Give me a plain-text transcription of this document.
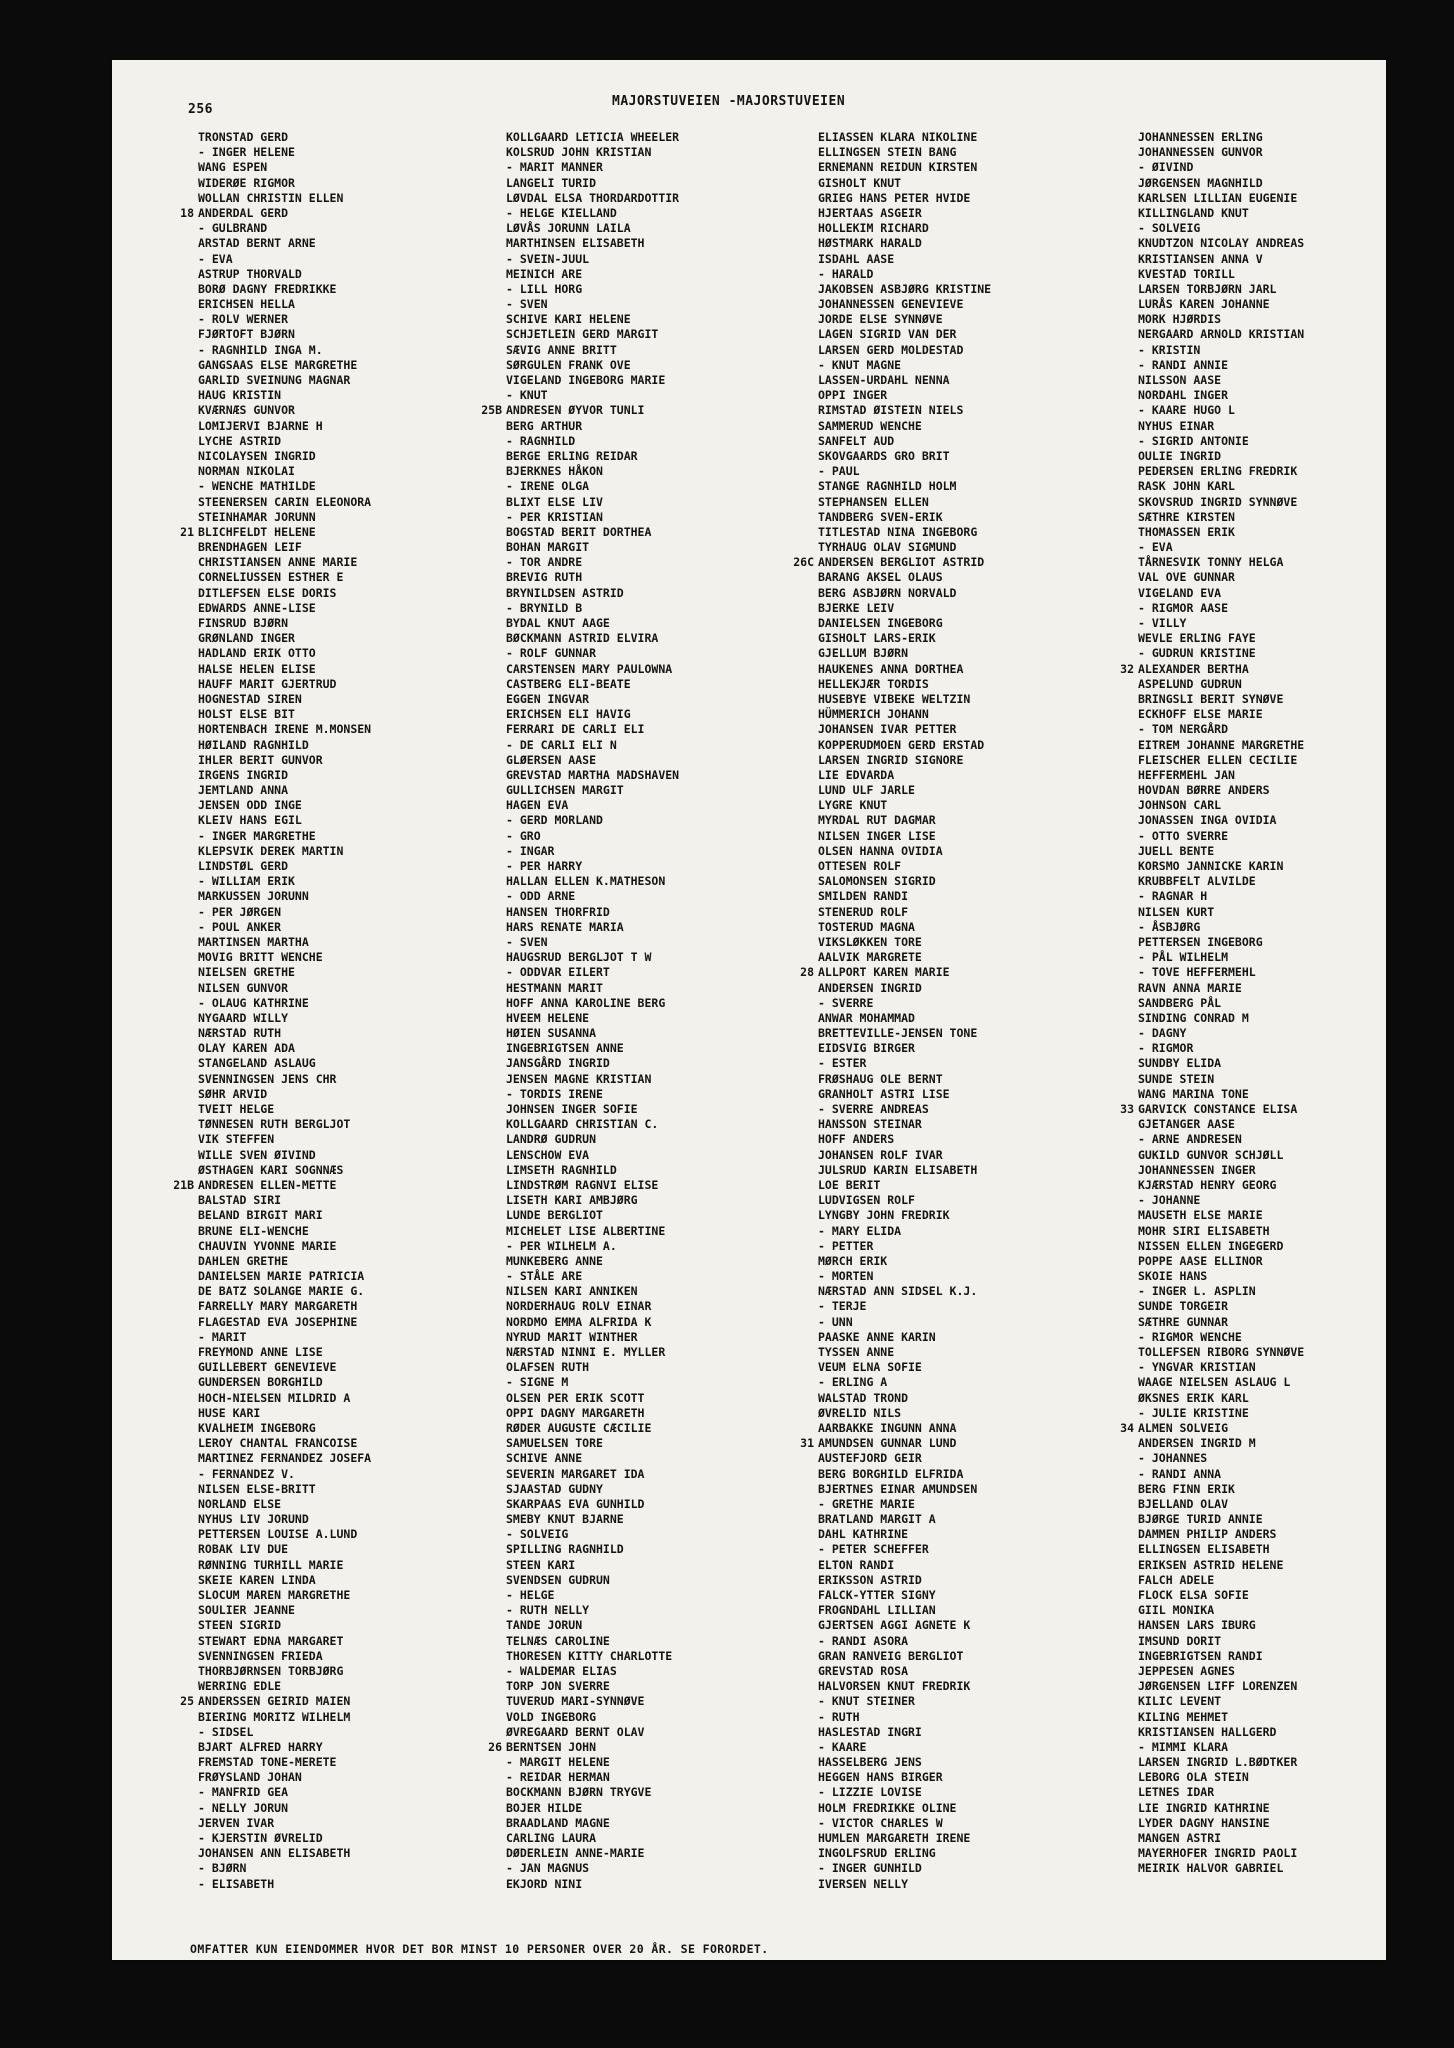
256
MAJORSTUVEIEN -MAJORSTUVEIEN
TRONSTAD GERD
- INGER HELENE
WANG ESPEN
WIDERØE RIGMOR
WOLLAN CHRISTIN ELLEN
18 ANDERDAL GERD
- GULBRAND
ARSTAD BERNT ARNE
- EVA
ASTRUP THORVALD
BORØ DAGNY FREDRIKKE
ERICHSEN HELLA
- ROLV WERNER
FJØRTOFT BJØRN
- RAGNHILD INGA M.
GANGSAAS ELSE MARGRETHE
GARLID SVEINUNG MAGNAR
HAUG KRISTIN
KVÆRNÆS GUNVOR
LOMIJERVI BJARNE H
LYCHE ASTRID
NICOLAYSEN INGRID
NORMAN NIKOLAI
- WENCHE MATHILDE
STEENERSEN CARIN ELEONORA
STEINHAMAR JORUNN
21 BLICHFELDT HELENE
BRENDHAGEN LEIF
CHRISTIANSEN ANNE MARIE
CORNELIUSSEN ESTHER E
DITLEFSEN ELSE DORIS
EDWARDS ANNE-LISE
FINSRUD BJØRN
GRØNLAND INGER
HADLAND ERIK OTTO
HALSE HELEN ELISE
HAUFF MARIT GJERTRUD
HOGNESTAD SIREN
HOLST ELSE BIT
HORTENBACH IRENE M.MONSEN
HØILAND RAGNHILD
IHLER BERIT GUNVOR
IRGENS INGRID
JEMTLAND ANNA
JENSEN ODD INGE
KLEIV HANS EGIL
- INGER MARGRETHE
KLEPSVIK DEREK MARTIN
LINDSTØL GERD
- WILLIAM ERIK
MARKUSSEN JORUNN
- PER JØRGEN
- POUL ANKER
MARTINSEN MARTHA
MOVIG BRITT WENCHE
NIELSEN GRETHE
NILSEN GUNVOR
- OLAUG KATHRINE
NYGAARD WILLY
NÆRSTAD RUTH
OLAY KAREN ADA
STANGELAND ASLAUG
SVENNINGSEN JENS CHR
SØHR ARVID
TVEIT HELGE
TØNNESEN RUTH BERGLJOT
VIK STEFFEN
WILLE SVEN ØIVIND
ØSTHAGEN KARI SOGNNÆS
21B ANDRESEN ELLEN-METTE
BALSTAD SIRI
BELAND BIRGIT MARI
BRUNE ELI-WENCHE
CHAUVIN YVONNE MARIE
DAHLEN GRETHE
DANIELSEN MARIE PATRICIA
DE BATZ SOLANGE MARIE G.
FARRELLY MARY MARGARETH
FLAGESTAD EVA JOSEPHINE
- MARIT
FREYMOND ANNE LISE
GUILLEBERT GENEVIEVE
GUNDERSEN BORGHILD
HOCH-NIELSEN MILDRID A
HUSE KARI
KVALHEIM INGEBORG
LEROY CHANTAL FRANCOISE
MARTINEZ FERNANDEZ JOSEFA
- FERNANDEZ V.
NILSEN ELSE-BRITT
NORLAND ELSE
NYHUS LIV JORUND
PETTERSEN LOUISE A.LUND
ROBAK LIV DUE
RØNNING TURHILL MARIE
SKEIE KAREN LINDA
SLOCUM MAREN MARGRETHE
SOULIER JEANNE
STEEN SIGRID
STEWART EDNA MARGARET
SVENNINGSEN FRIEDA
THORBJØRNSEN TORBJØRG
WERRING EDLE
25 ANDERSSEN GEIRID MAIEN
BIERING MORITZ WILHELM
- SIDSEL
BJART ALFRED HARRY
FREMSTAD TONE-MERETE
FRØYSLAND JOHAN
- MANFRID GEA
- NELLY JORUN
JERVEN IVAR
- KJERSTIN ØVRELID
JOHANSEN ANN ELISABETH
- BJØRN
- ELISABETH
KOLLGAARD LETICIA WHEELER
KOLSRUD JOHN KRISTIAN
- MARIT MANNER
LANGELI TURID
LØVDAL ELSA THORDARDOTTIR
- HELGE KIELLAND
LØVÅS JORUNN LAILA
MARTHINSEN ELISABETH
- SVEIN-JUUL
MEINICH ARE
- LILL HORG
- SVEN
SCHIVE KARI HELENE
SCHJETLEIN GERD MARGIT
SÆVIG ANNE BRITT
SØRGULEN FRANK OVE
VIGELAND INGEBORG MARIE
- KNUT
25B ANDRESEN ØYVOR TUNLI
BERG ARTHUR
- RAGNHILD
BERGE ERLING REIDAR
BJERKNES HÅKON
- IRENE OLGA
BLIXT ELSE LIV
- PER KRISTIAN
BOGSTAD BERIT DORTHEA
BOHAN MARGIT
- TOR ANDRE
BREVIG RUTH
BRYNILDSEN ASTRID
- BRYNILD B
BYDAL KNUT AAGE
BØCKMANN ASTRID ELVIRA
- ROLF GUNNAR
CARSTENSEN MARY PAULOWNA
CASTBERG ELI-BEATE
EGGEN INGVAR
ERICHSEN ELI HAVIG
FERRARI DE CARLI ELI
- DE CARLI ELI N
GLØERSEN AASE
GREVSTAD MARTHA MADSHAVEN
GULLICHSEN MARGIT
HAGEN EVA
- GERD MORLAND
- GRO
- INGAR
- PER HARRY
HALLAN ELLEN K.MATHESON
- ODD ARNE
HANSEN THORFRID
HARS RENATE MARIA
- SVEN
HAUGSRUD BERGLJOT T W
- ODDVAR EILERT
HESTMANN MARIT
HOFF ANNA KAROLINE BERG
HVEEM HELENE
HØIEN SUSANNA
INGEBRIGTSEN ANNE
JANSGÅRD INGRID
JENSEN MAGNE KRISTIAN
- TORDIS IRENE
JOHNSEN INGER SOFIE
KOLLGAARD CHRISTIAN C.
LANDRØ GUDRUN
LENSCHOW EVA
LIMSETH RAGNHILD
LINDSTRØM RAGNVI ELISE
LISETH KARI AMBJØRG
LUNDE BERGLIOT
MICHELET LISE ALBERTINE
- PER WILHELM A.
MUNKEBERG ANNE
- STÅLE ARE
NILSEN KARI ANNIKEN
NORDERHAUG ROLV EINAR
NORDMO EMMA ALFRIDA K
NYRUD MARIT WINTHER
NÆRSTAD NINNI E. MYLLER
OLAFSEN RUTH
- SIGNE M
OLSEN PER ERIK SCOTT
OPPI DAGNY MARGARETH
RØDER AUGUSTE CÆCILIE
SAMUELSEN TORE
SCHIVE ANNE
SEVERIN MARGARET IDA
SJAASTAD GUDNY
SKARPAAS EVA GUNHILD
SMEBY KNUT BJARNE
- SOLVEIG
SPILLING RAGNHILD
STEEN KARI
SVENDSEN GUDRUN
- HELGE
- RUTH NELLY
TANDE JORUN
TELNÆS CAROLINE
THORESEN KITTY CHARLOTTE
- WALDEMAR ELIAS
TORP JON SVERRE
TUVERUD MARI-SYNNØVE
VOLD INGEBORG
ØVREGAARD BERNT OLAV
26 BERNTSEN JOHN
- MARGIT HELENE
- REIDAR HERMAN
BOCKMANN BJØRN TRYGVE
BOJER HILDE
BRAADLAND MAGNE
CARLING LAURA
DØDERLEIN ANNE-MARIE
- JAN MAGNUS
EKJORD NINI
ELIASSEN KLARA NIKOLINE
ELLINGSEN STEIN BANG
ERNEMANN REIDUN KIRSTEN
GISHOLT KNUT
GRIEG HANS PETER HVIDE
HJERTAAS ASGEIR
HOLLEKIM RICHARD
HØSTMARK HARALD
ISDAHL AASE
- HARALD
JAKOBSEN ASBJØRG KRISTINE
JOHANNESSEN GENEVIEVE
JORDE ELSE SYNNØVE
LAGEN SIGRID VAN DER
LARSEN GERD MOLDESTAD
- KNUT MAGNE
LASSEN-URDAHL NENNA
OPPI INGER
RIMSTAD ØISTEIN NIELS
SAMMERUD WENCHE
SANFELT AUD
SKOVGAARDS GRO BRIT
- PAUL
STANGE RAGNHILD HOLM
STEPHANSEN ELLEN
TANDBERG SVEN-ERIK
TITLESTAD NINA INGEBORG
TYRHAUG OLAV SIGMUND
26C ANDERSEN BERGLIOT ASTRID
BARANG AKSEL OLAUS
BERG ASBJØRN NORVALD
BJERKE LEIV
DANIELSEN INGEBORG
GISHOLT LARS-ERIK
GJELLUM BJØRN
HAUKENES ANNA DORTHEA
HELLEKJÆR TORDIS
HUSEBYE VIBEKE WELTZIN
HÜMMERICH JOHANN
JOHANSEN IVAR PETTER
KOPPERUDMOEN GERD ERSTAD
LARSEN INGRID SIGNORE
LIE EDVARDA
LUND ULF JARLE
LYGRE KNUT
MYRDAL RUT DAGMAR
NILSEN INGER LISE
OLSEN HANNA OVIDIA
OTTESEN ROLF
SALOMONSEN SIGRID
SMILDEN RANDI
STENERUD ROLF
TOSTERUD MAGNA
VIKSLØKKEN TORE
AALVIK MARGRETE
28 ALLPORT KAREN MARIE
ANDERSEN INGRID
- SVERRE
ANWAR MOHAMMAD
BRETTEVILLE-JENSEN TONE
EIDSVIG BIRGER
- ESTER
FRØSHAUG OLE BERNT
GRANHOLT ASTRI LISE
- SVERRE ANDREAS
HANSSON STEINAR
HOFF ANDERS
JOHANSEN ROLF IVAR
JULSRUD KARIN ELISABETH
LOE BERIT
LUDVIGSEN ROLF
LYNGBY JOHN FREDRIK
- MARY ELIDA
- PETTER
MØRCH ERIK
- MORTEN
NÆRSTAD ANN SIDSEL K.J.
- TERJE
- UNN
PAASKE ANNE KARIN
TYSSEN ANNE
VEUM ELNA SOFIE
- ERLING A
WALSTAD TROND
ØVRELID NILS
AARBAKKE INGUNN ANNA
31 AMUNDSEN GUNNAR LUND
AUSTEFJORD GEIR
BERG BORGHILD ELFRIDA
BJERTNES EINAR AMUNDSEN
- GRETHE MARIE
BRATLAND MARGIT A
DAHL KATHRINE
- PETER SCHEFFER
ELTON RANDI
ERIKSSON ASTRID
FALCK-YTTER SIGNY
FROGNDAHL LILLIAN
GJERTSEN AGGI AGNETE K
- RANDI ASORA
GRAN RANVEIG BERGLIOT
GREVSTAD ROSA
HALVORSEN KNUT FREDRIK
- KNUT STEINER
- RUTH
HASLESTAD INGRI
- KAARE
HASSELBERG JENS
HEGGEN HANS BIRGER
- LIZZIE LOVISE
HOLM FREDRIKKE OLINE
- VICTOR CHARLES W
HUMLEN MARGARETH IRENE
INGOLFSRUD ERLING
- INGER GUNHILD
IVERSEN NELLY
JOHANNESSEN ERLING
JOHANNESSEN GUNVOR
- ØIVIND
JØRGENSEN MAGNHILD
KARLSEN LILLIAN EUGENIE
KILLINGLAND KNUT
- SOLVEIG
KNUDTZON NICOLAY ANDREAS
KRISTIANSEN ANNA V
KVESTAD TORILL
LARSEN TORBJØRN JARL
LURÅS KAREN JOHANNE
MORK HJØRDIS
NERGAARD ARNOLD KRISTIAN
- KRISTIN
- RANDI ANNIE
NILSSON AASE
NORDAHL INGER
- KAARE HUGO L
NYHUS EINAR
- SIGRID ANTONIE
OULIE INGRID
PEDERSEN ERLING FREDRIK
RASK JOHN KARL
SKOVSRUD INGRID SYNNØVE
SÆTHRE KIRSTEN
THOMASSEN ERIK
- EVA
TÅRNESVIK TONNY HELGA
VAL OVE GUNNAR
VIGELAND EVA
- RIGMOR AASE
- VILLY
WEVLE ERLING FAYE
- GUDRUN KRISTINE
32 ALEXANDER BERTHA
ASPELUND GUDRUN
BRINGSLI BERIT SYNØVE
ECKHOFF ELSE MARIE
- TOM NERGÅRD
EITREM JOHANNE MARGRETHE
FLEISCHER ELLEN CECILIE
HEFFERMEHL JAN
HOVDAN BØRRE ANDERS
JOHNSON CARL
JONASSEN INGA OVIDIA
- OTTO SVERRE
JUELL BENTE
KORSMO JANNICKE KARIN
KRUBBFELT ALVILDE
- RAGNAR H
NILSEN KURT
- ÅSBJØRG
PETTERSEN INGEBORG
- PÅL WILHELM
- TOVE HEFFERMEHL
RAVN ANNA MARIE
SANDBERG PÅL
SINDING CONRAD M
- DAGNY
- RIGMOR
SUNDBY ELIDA
SUNDE STEIN
WANG MARINA TONE
33 GARVICK CONSTANCE ELISA
GJETANGER AASE
- ARNE ANDRESEN
GUKILD GUNVOR SCHJØLL
JOHANNESSEN INGER
KJÆRSTAD HENRY GEORG
- JOHANNE
MAUSETH ELSE MARIE
MOHR SIRI ELISABETH
NISSEN ELLEN INGEGERD
POPPE AASE ELLINOR
SKOIE HANS
- INGER L. ASPLIN
SUNDE TORGEIR
SÆTHRE GUNNAR
- RIGMOR WENCHE
TOLLEFSEN RIBORG SYNNØVE
- YNGVAR KRISTIAN
WAAGE NIELSEN ASLAUG L
ØKSNES ERIK KARL
- JULIE KRISTINE
34 ALMEN SOLVEIG
ANDERSEN INGRID M
- JOHANNES
- RANDI ANNA
BERG FINN ERIK
BJELLAND OLAV
BJØRGE TURID ANNIE
DAMMEN PHILIP ANDERS
ELLINGSEN ELISABETH
ERIKSEN ASTRID HELENE
FALCH ADELE
FLOCK ELSA SOFIE
GIIL MONIKA
HANSEN LARS IBURG
IMSUND DORIT
INGEBRIGTSEN RANDI
JEPPESEN AGNES
JØRGENSEN LIFF LORENZEN
KILIC LEVENT
KILING MEHMET
KRISTIANSEN HALLGERD
- MIMMI KLARA
LARSEN INGRID L.BØDTKER
LEBORG OLA STEIN
LETNES IDAR
LIE INGRID KATHRINE
LYDER DAGNY HANSINE
MANGEN ASTRI
MAYERHOFER INGRID PAOLI
MEIRIK HALVOR GABRIEL
OMFATTER KUN EIENDOMMER HVOR DET BOR MINST 10 PERSONER OVER 20 ÅR. SE FORORDET.
